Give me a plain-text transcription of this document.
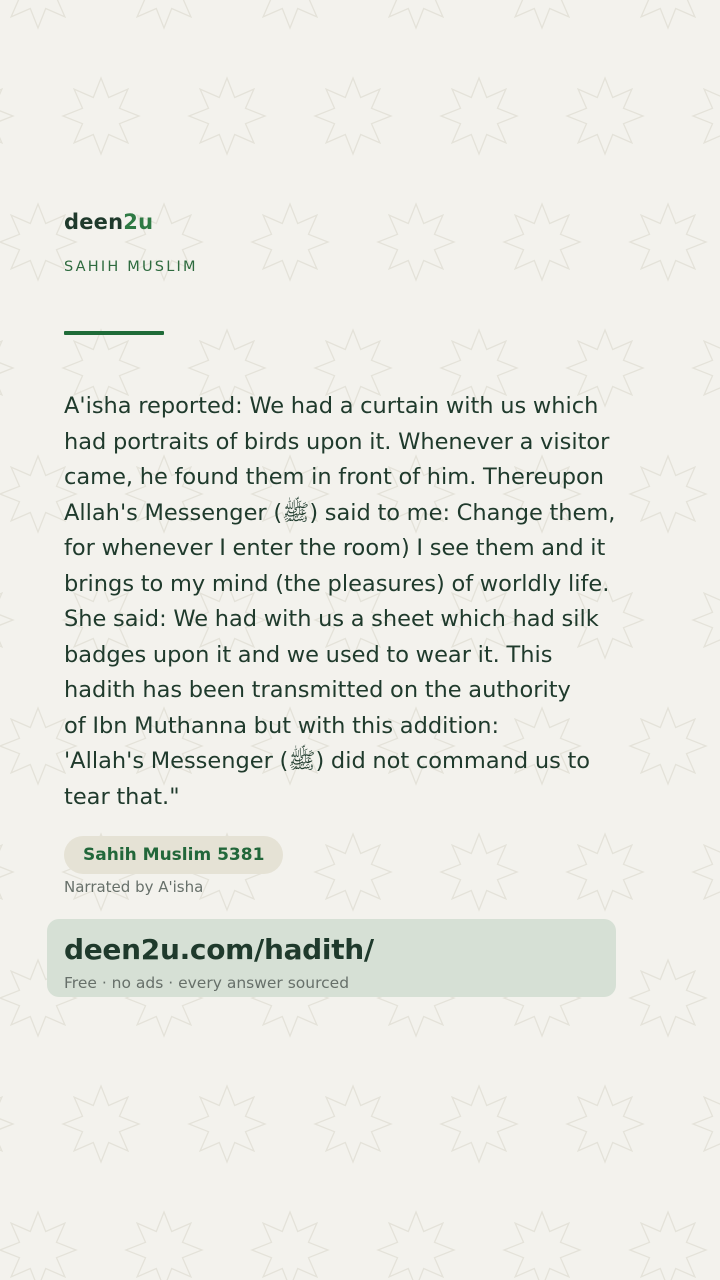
deen2u
SAHIH MUSLIM
A'isha reported: We had a curtain with us which
had portraits of birds upon it. Whenever a visitor
came, he found them in front of him. Thereupon
Allah's Messenger (ﷺ) said to me: Change them,
for whenever I enter the room) I see them and it
brings to my mind (the pleasures) of worldly life.
She said: We had with us a sheet which had silk
badges upon it and we used to wear it. This
hadith has been transmitted on the authority
of Ibn Muthanna but with this addition:
'Allah's Messenger (ﷺ) did not command us to
tear that."
Sahih Muslim 5381
Narrated by A'isha
deen2u.com/hadith/
Free · no ads · every answer sourced
